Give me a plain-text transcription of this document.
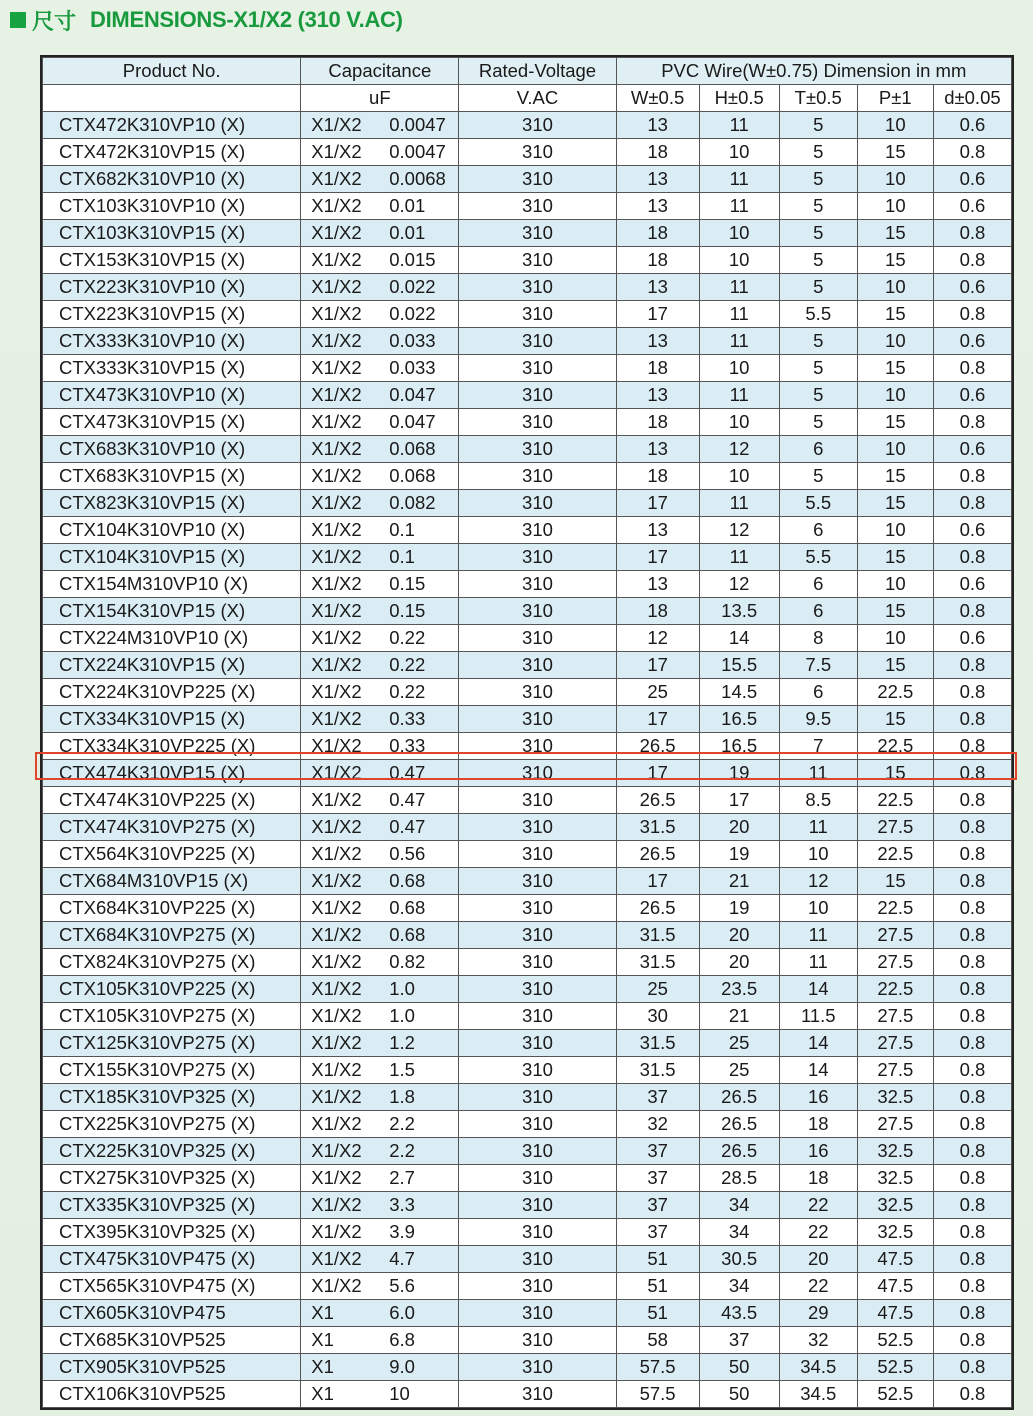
尺寸 DIMENSIONS-X1/X2 (310 V.AC)
Product No.	Capacitance	Rated-Voltage	PVC Wire(W±0.75) Dimension in mm				
	uF	V.AC	W±0.5	H±0.5	T±0.5	P±1	d±0.05
CTX472K310VP10 (X)	X1/X2 0.0047	310	13	11	5	10	0.6
CTX472K310VP15 (X)	X1/X2 0.0047	310	18	10	5	15	0.8
CTX682K310VP10 (X)	X1/X2 0.0068	310	13	11	5	10	0.6
CTX103K310VP10 (X)	X1/X2 0.01	310	13	11	5	10	0.6
CTX103K310VP15 (X)	X1/X2 0.01	310	18	10	5	15	0.8
CTX153K310VP15 (X)	X1/X2 0.015	310	18	10	5	15	0.8
CTX223K310VP10 (X)	X1/X2 0.022	310	13	11	5	10	0.6
CTX223K310VP15 (X)	X1/X2 0.022	310	17	11	5.5	15	0.8
CTX333K310VP10 (X)	X1/X2 0.033	310	13	11	5	10	0.6
CTX333K310VP15 (X)	X1/X2 0.033	310	18	10	5	15	0.8
CTX473K310VP10 (X)	X1/X2 0.047	310	13	11	5	10	0.6
CTX473K310VP15 (X)	X1/X2 0.047	310	18	10	5	15	0.8
CTX683K310VP10 (X)	X1/X2 0.068	310	13	12	6	10	0.6
CTX683K310VP15 (X)	X1/X2 0.068	310	18	10	5	15	0.8
CTX823K310VP15 (X)	X1/X2 0.082	310	17	11	5.5	15	0.8
CTX104K310VP10 (X)	X1/X2 0.1	310	13	12	6	10	0.6
CTX104K310VP15 (X)	X1/X2 0.1	310	17	11	5.5	15	0.8
CTX154M310VP10 (X)	X1/X2 0.15	310	13	12	6	10	0.6
CTX154K310VP15 (X)	X1/X2 0.15	310	18	13.5	6	15	0.8
CTX224M310VP10 (X)	X1/X2 0.22	310	12	14	8	10	0.6
CTX224K310VP15 (X)	X1/X2 0.22	310	17	15.5	7.5	15	0.8
CTX224K310VP225 (X)	X1/X2 0.22	310	25	14.5	6	22.5	0.8
CTX334K310VP15 (X)	X1/X2 0.33	310	17	16.5	9.5	15	0.8
CTX334K310VP225 (X)	X1/X2 0.33	310	26.5	16.5	7	22.5	0.8
CTX474K310VP15 (X)	X1/X2 0.47	310	17	19	11	15	0.8
CTX474K310VP225 (X)	X1/X2 0.47	310	26.5	17	8.5	22.5	0.8
CTX474K310VP275 (X)	X1/X2 0.47	310	31.5	20	11	27.5	0.8
CTX564K310VP225 (X)	X1/X2 0.56	310	26.5	19	10	22.5	0.8
CTX684M310VP15 (X)	X1/X2 0.68	310	17	21	12	15	0.8
CTX684K310VP225 (X)	X1/X2 0.68	310	26.5	19	10	22.5	0.8
CTX684K310VP275 (X)	X1/X2 0.68	310	31.5	20	11	27.5	0.8
CTX824K310VP275 (X)	X1/X2 0.82	310	31.5	20	11	27.5	0.8
CTX105K310VP225 (X)	X1/X2 1.0	310	25	23.5	14	22.5	0.8
CTX105K310VP275 (X)	X1/X2 1.0	310	30	21	11.5	27.5	0.8
CTX125K310VP275 (X)	X1/X2 1.2	310	31.5	25	14	27.5	0.8
CTX155K310VP275 (X)	X1/X2 1.5	310	31.5	25	14	27.5	0.8
CTX185K310VP325 (X)	X1/X2 1.8	310	37	26.5	16	32.5	0.8
CTX225K310VP275 (X)	X1/X2 2.2	310	32	26.5	18	27.5	0.8
CTX225K310VP325 (X)	X1/X2 2.2	310	37	26.5	16	32.5	0.8
CTX275K310VP325 (X)	X1/X2 2.7	310	37	28.5	18	32.5	0.8
CTX335K310VP325 (X)	X1/X2 3.3	310	37	34	22	32.5	0.8
CTX395K310VP325 (X)	X1/X2 3.9	310	37	34	22	32.5	0.8
CTX475K310VP475 (X)	X1/X2 4.7	310	51	30.5	20	47.5	0.8
CTX565K310VP475 (X)	X1/X2 5.6	310	51	34	22	47.5	0.8
CTX605K310VP475	X1 6.0	310	51	43.5	29	47.5	0.8
CTX685K310VP525	X1 6.8	310	58	37	32	52.5	0.8
CTX905K310VP525	X1 9.0	310	57.5	50	34.5	52.5	0.8
CTX106K310VP525	X1 10	310	57.5	50	34.5	52.5	0.8
